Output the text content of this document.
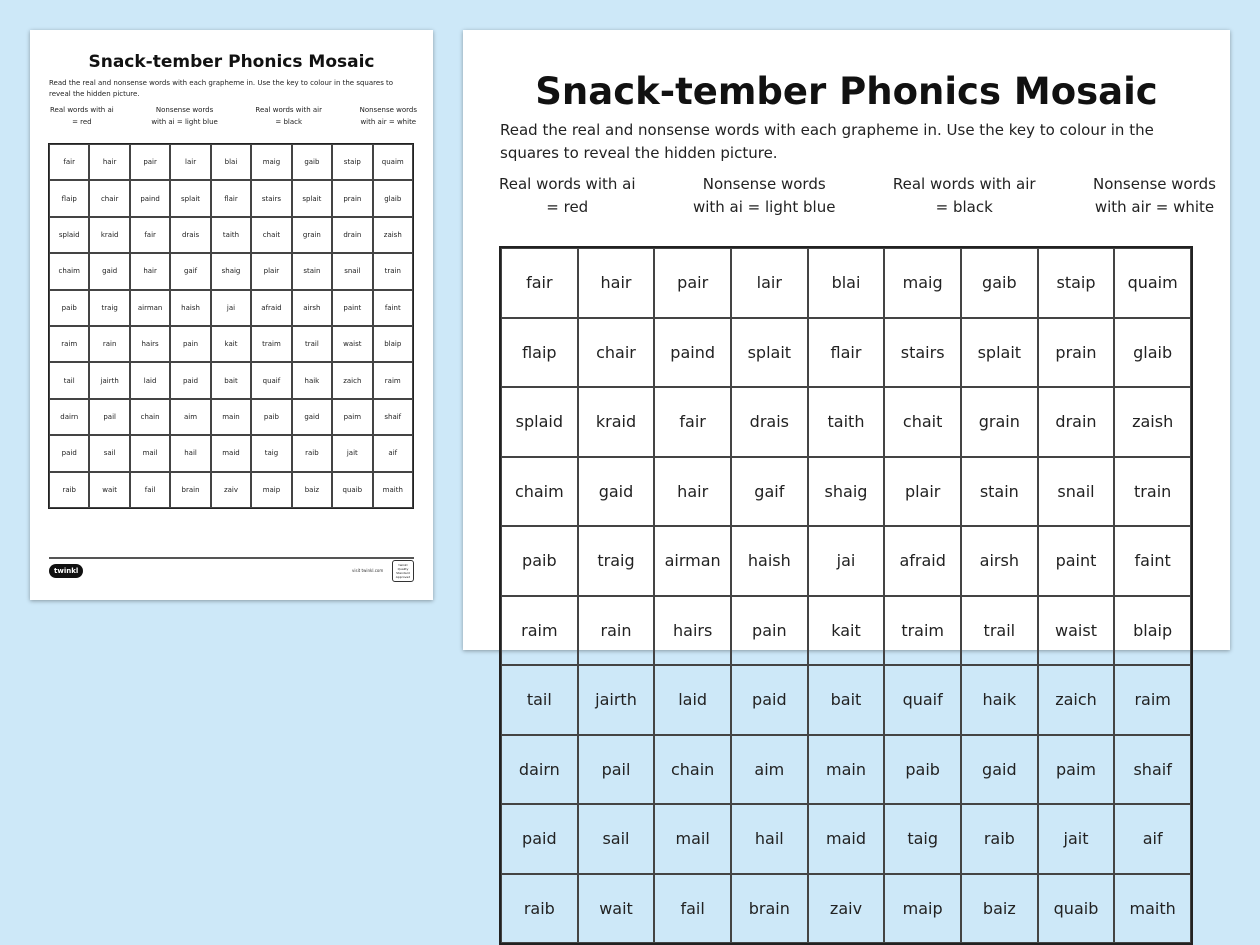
Snack-tember Phonics Mosaic
Read the real and nonsense words with each grapheme in. Use the key to colour in the squares to reveal the hidden picture.
Real words with ai
= red
Nonsense words
with ai = light blue
Real words with air
= black
Nonsense words
with air = white
fair	hair	pair	lair	blai	maig	gaib	staip	quaim
flaip	chair	paind	splait	flair	stairs	splait	prain	glaib
splaid	kraid	fair	drais	taith	chait	grain	drain	zaish
chaim	gaid	hair	gaif	shaig	plair	stain	snail	train
paib	traig	airman	haish	jai	afraid	airsh	paint	faint
raim	rain	hairs	pain	kait	traim	trail	waist	blaip
tail	jairth	laid	paid	bait	quaif	haik	zaich	raim
dairn	pail	chain	aim	main	paib	gaid	paim	shaif
paid	sail	mail	hail	maid	taig	raib	jait	aif
raib	wait	fail	brain	zaiv	maip	baiz	quaib	maith
twinkl	visit twinkl.com
twinkl Quality Standard Approved
Snack-tember Phonics Mosaic
Read the real and nonsense words with each grapheme in. Use the key to colour in the squares to reveal the hidden picture.
Real words with ai
= red
Nonsense words
with ai = light blue
Real words with air
= black
Nonsense words
with air = white
fair	hair	pair	lair	blai	maig	gaib	staip	quaim
flaip	chair	paind	splait	flair	stairs	splait	prain	glaib
splaid	kraid	fair	drais	taith	chait	grain	drain	zaish
chaim	gaid	hair	gaif	shaig	plair	stain	snail	train
paib	traig	airman	haish	jai	afraid	airsh	paint	faint
raim	rain	hairs	pain	kait	traim	trail	waist	blaip
tail	jairth	laid	paid	bait	quaif	haik	zaich	raim
dairn	pail	chain	aim	main	paib	gaid	paim	shaif
paid	sail	mail	hail	maid	taig	raib	jait	aif
raib	wait	fail	brain	zaiv	maip	baiz	quaib	maith
